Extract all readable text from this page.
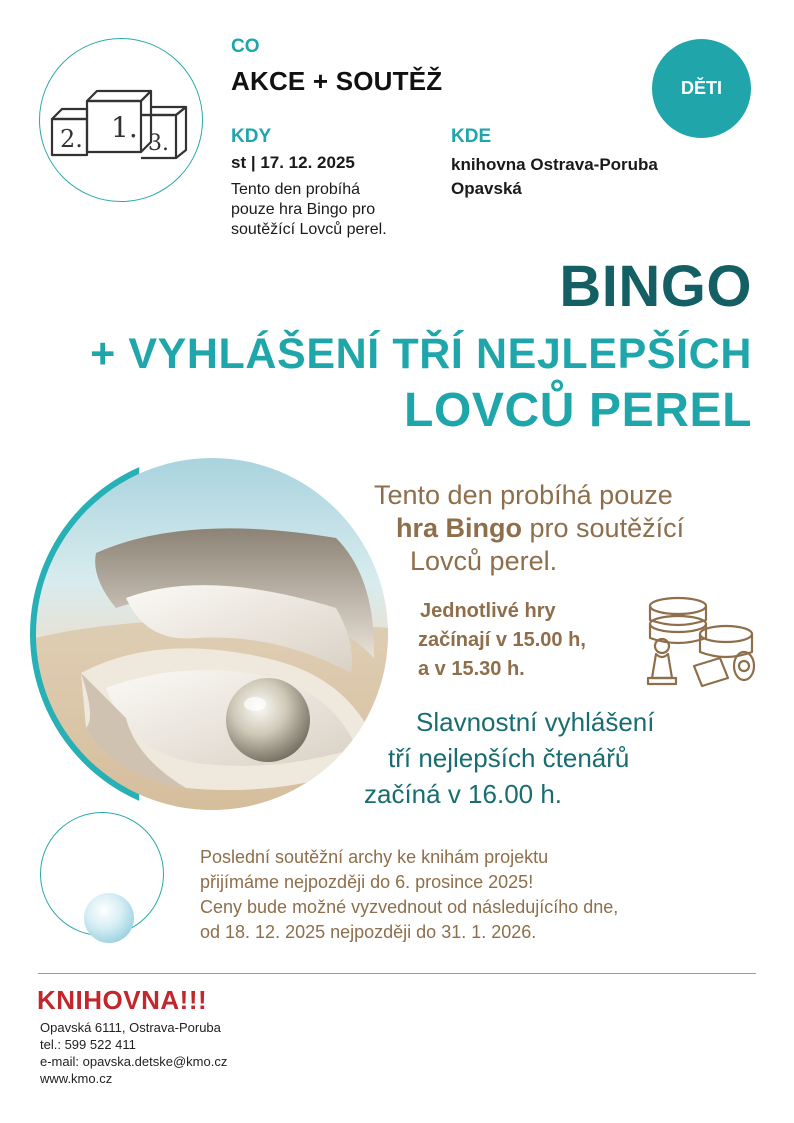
1.
2.	3.
CO
AKCE + SOUTĚŽ
KDY	KDE
st | 17. 12. 2025
Tento den probíhá pouze hra Bingo pro soutěžící Lovců perel.
knihovna Ostrava-Poruba
Opavská
DĚTI
BINGO
+ VYHLÁŠENÍ TŘÍ NEJLEPŠÍCH
LOVCŮ PEREL
Tento den probíhá pouze
hra Bingo pro soutěžící
Lovců perel.
Jednotlivé hry
začínají v 15.00 h,
a v 15.30 h.
Slavnostní vyhlášení
tří nejlepších čtenářů
začíná v 16.00 h.
Poslední soutěžní archy ke knihám projektu
přijímáme nejpozději do 6. prosince 2025!
Ceny bude možné vyzvednout od následujícího dne,
od 18. 12. 2025 nejpozději do 31. 1. 2026.
KNIHOVNA!!!
Opavská 6111, Ostrava-Poruba
tel.: 599 522 411
e-mail: opavska.detske@kmo.cz
www.kmo.cz
